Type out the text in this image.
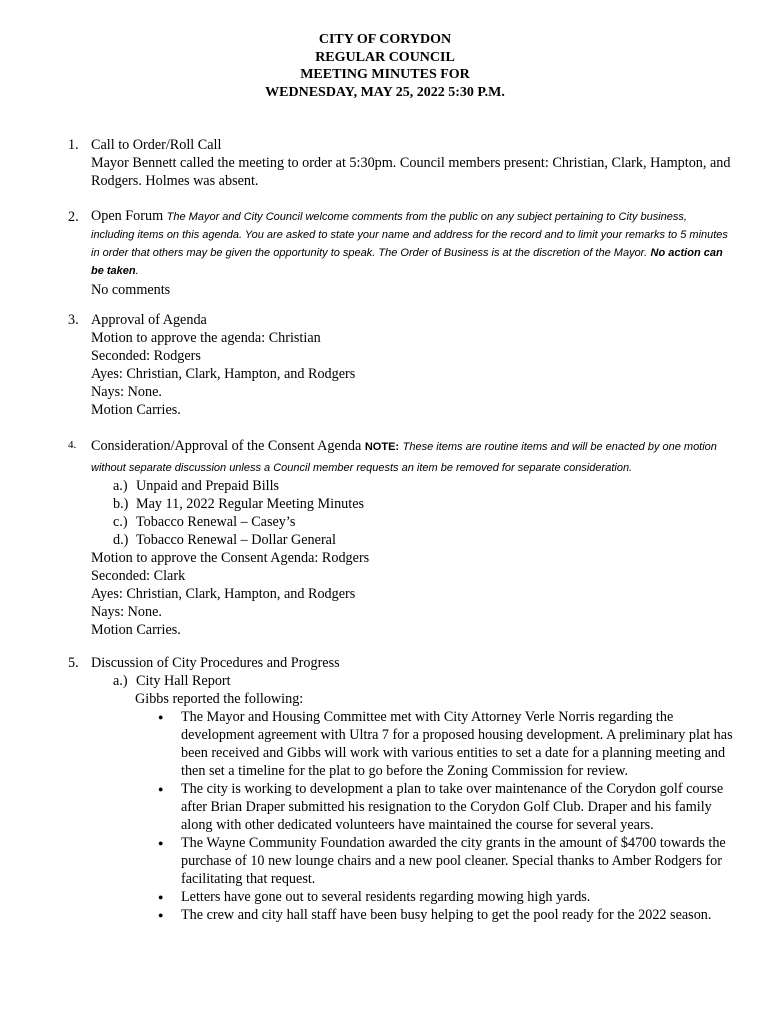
CITY OF CORYDON
REGULAR COUNCIL
MEETING MINUTES FOR
WEDNESDAY, MAY 25, 2022 5:30 P.M.
1. Call to Order/Roll Call
Mayor Bennett called the meeting to order at 5:30pm. Council members present: Christian, Clark, Hampton, and Rodgers. Holmes was absent.
2. Open Forum The Mayor and City Council welcome comments from the public on any subject pertaining to City business, including items on this agenda. You are asked to state your name and address for the record and to limit your remarks to 5 minutes in order that others may be given the opportunity to speak. The Order of Business is at the discretion of the Mayor. No action can be taken.
No comments
3. Approval of Agenda
Motion to approve the agenda: Christian
Seconded: Rodgers
Ayes: Christian, Clark, Hampton, and Rodgers
Nays: None.
Motion Carries.
4. Consideration/Approval of the Consent Agenda NOTE: These items are routine items and will be enacted by one motion without separate discussion unless a Council member requests an item be removed for separate consideration.
a.) Unpaid and Prepaid Bills
b.) May 11, 2022 Regular Meeting Minutes
c.) Tobacco Renewal – Casey’s
d.) Tobacco Renewal – Dollar General
Motion to approve the Consent Agenda: Rodgers
Seconded: Clark
Ayes: Christian, Clark, Hampton, and Rodgers
Nays: None.
Motion Carries.
5. Discussion of City Procedures and Progress
a.) City Hall Report
Gibbs reported the following:
● The Mayor and Housing Committee met with City Attorney Verle Norris regarding the development agreement with Ultra 7 for a proposed housing development. A preliminary plat has been received and Gibbs will work with various entities to set a date for a planning meeting and then set a timeline for the plat to go before the Zoning Commission for review.
● The city is working to development a plan to take over maintenance of the Corydon golf course after Brian Draper submitted his resignation to the Corydon Golf Club. Draper and his family along with other dedicated volunteers have maintained the course for several years.
● The Wayne Community Foundation awarded the city grants in the amount of $4700 towards the purchase of 10 new lounge chairs and a new pool cleaner. Special thanks to Amber Rodgers for facilitating that request.
● Letters have gone out to several residents regarding mowing high yards.
● The crew and city hall staff have been busy helping to get the pool ready for the 2022 season.
